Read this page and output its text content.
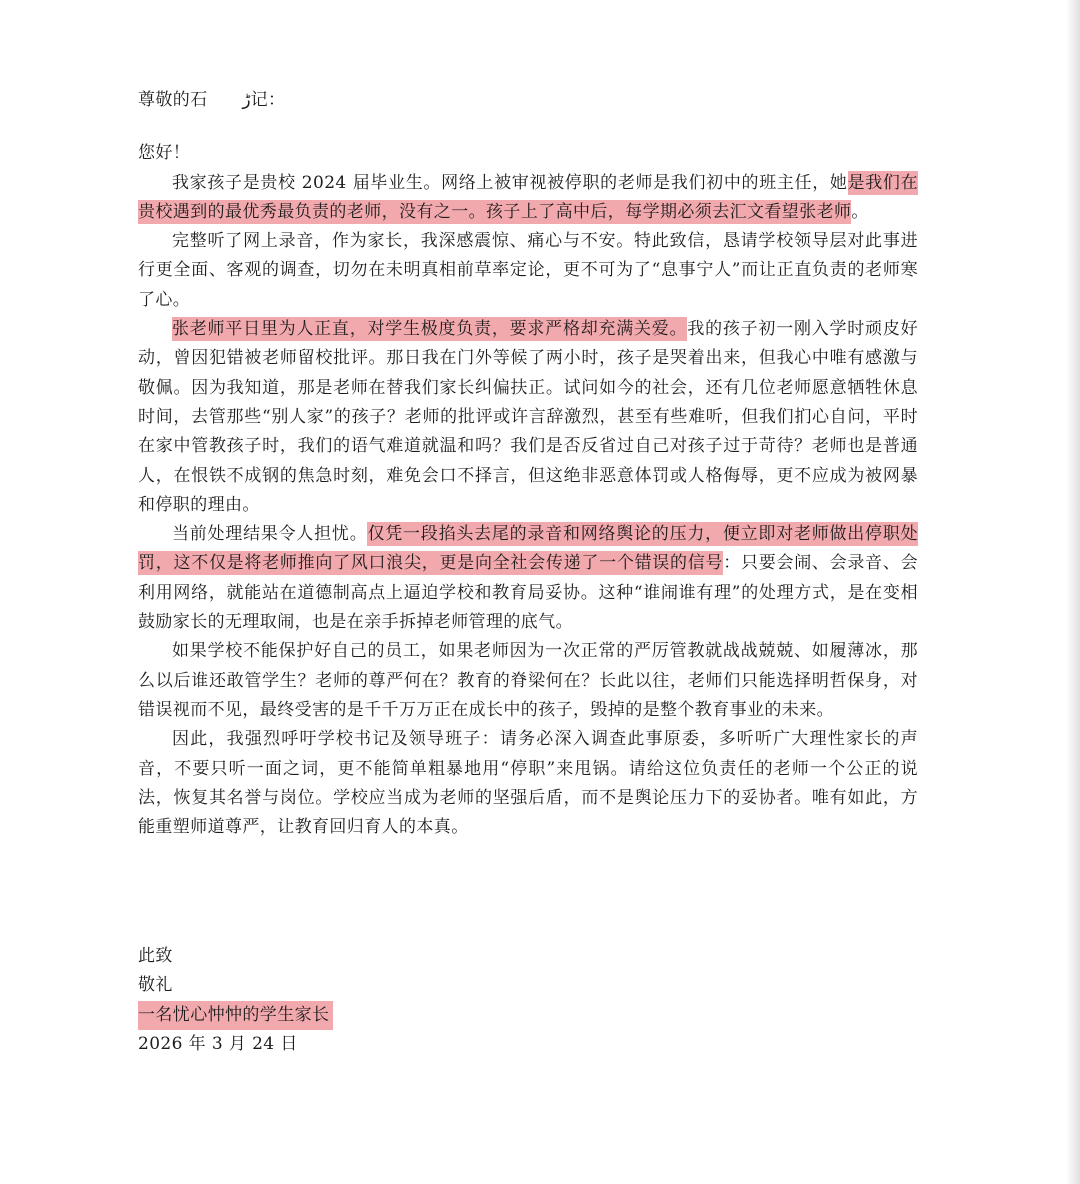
尊敬的石　　ڑ记：

您好！

我家孩子是贵校 2024 届毕业生。网络上被审视被停职的老师是我们初中的班主任，她是我们在贵校遇到的最优秀最负责的老师，没有之一。孩子上了高中后，每学期必须去汇文看望张老师。

完整听了网上录音，作为家长，我深感震惊、痛心与不安。特此致信，恳请学校领导层对此事进行更全面、客观的调查，切勿在未明真相前草率定论，更不可为了“息事宁人”而让正直负责的老师寒了心。

张老师平日里为人正直，对学生极度负责，要求严格却充满关爱。我的孩子初一刚入学时顽皮好动，曾因犯错被老师留校批评。那日我在门外等候了两小时，孩子是哭着出来，但我心中唯有感激与敬佩。因为我知道，那是老师在替我们家长纠偏扶正。试问如今的社会，还有几位老师愿意牺牲休息时间，去管那些“别人家”的孩子？老师的批评或许言辞激烈，甚至有些难听，但我们扪心自问，平时在家中管教孩子时，我们的语气难道就温和吗？我们是否反省过自己对孩子过于苛待？老师也是普通人，在恨铁不成钢的焦急时刻，难免会口不择言，但这绝非恶意体罚或人格侮辱，更不应成为被网暴和停职的理由。

当前处理结果令人担忧。仅凭一段掐头去尾的录音和网络舆论的压力，便立即对老师做出停职处罚，这不仅是将老师推向了风口浪尖，更是向全社会传递了一个错误的信号：只要会闹、会录音、会利用网络，就能站在道德制高点上逼迫学校和教育局妥协。这种“谁闹谁有理”的处理方式，是在变相鼓励家长的无理取闹，也是在亲手拆掉老师管理的底气。

如果学校不能保护好自己的员工，如果老师因为一次正常的严厉管教就战战兢兢、如履薄冰，那么以后谁还敢管学生？老师的尊严何在？教育的脊梁何在？长此以往，老师们只能选择明哲保身，对错误视而不见，最终受害的是千千万万正在成长中的孩子，毁掉的是整个教育事业的未来。

因此，我强烈呼吁学校书记及领导班子：请务必深入调查此事原委，多听听广大理性家长的声音，不要只听一面之词，更不能简单粗暴地用“停职”来甩锅。请给这位负责任的老师一个公正的说法，恢复其名誉与岗位。学校应当成为老师的坚强后盾，而不是舆论压力下的妥协者。唯有如此，方能重塑师道尊严，让教育回归育人的本真。

此致
敬礼
一名忧心忡忡的学生家长
2026 年 3 月 24 日
